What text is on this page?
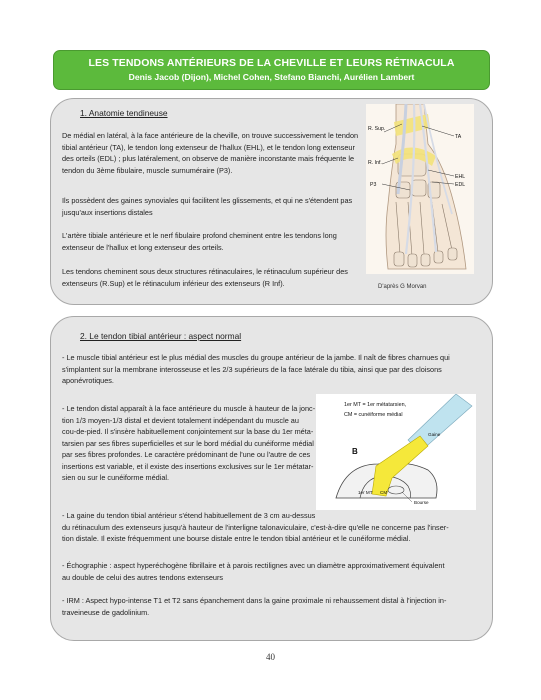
LES TENDONS ANTÉRIEURS DE LA CHEVILLE ET LEURS RÉTINACULA
Denis Jacob (Dijon), Michel Cohen, Stefano Bianchi, Aurélien Lambert
1. Anatomie tendineuse
De médial en latéral, à la face antérieure de la cheville, on trouve successivement le tendon
tibial antérieur (TA), le tendon long extenseur de l'hallux (EHL), et le tendon long extenseur
des orteils (EDL) ; plus latéralement, on observe de manière inconstante mais fréquente le
tendon du 3ème fibulaire, muscle surnuméraire (P3).
Ils possèdent des gaines synoviales qui facilitent les glissements, et qui ne s'étendent pas
jusqu'aux insertions distales
L'artère tibiale antérieure et le nerf fibulaire profond cheminent entre les tendons long
extenseur de l'hallux et long extenseur des orteils.
Les tendons cheminent sous deux structures rétinaculaires, le rétinaculum supérieur des
extenseurs (R.Sup) et le rétinaculum inférieur des extenseurs (R Inf).
R. Sup.
TA
R. Inf.
EHL
EDL
P3
D'après G Morvan
2. Le tendon tibial antérieur : aspect normal
- Le muscle tibial antérieur est le plus médial des muscles du groupe antérieur de la jambe. Il naît de fibres charnues qui
s'implantent sur la membrane interosseuse et les 2/3 supérieurs de la face latérale du tibia, ainsi que par des cloisons
aponévrotiques.
- Le tendon distal apparaît à la face antérieure du muscle à hauteur de la jonc-
tion 1/3 moyen-1/3 distal et devient totalement indépendant du muscle au
cou-de-pied. Il s'insère habituellement conjointement sur la base du 1er méta-
tarsien par ses fibres superficielles et sur le bord médial du cunéiforme médial
par ses fibres profondes. Le caractère prédominant de l'une ou l'autre de ces
insertions est variable, et il existe des insertions exclusives sur le 1er métatar-
sien ou sur le cunéiforme médial.
- La gaine du tendon tibial antérieur s'étend habituellement de 3 cm au-dessus
du rétinaculum des extenseurs jusqu'à hauteur de l'interligne talonaviculaire, c'est-à-dire qu'elle ne concerne pas l'inser-
tion distale. Il existe fréquemment une bourse distale entre le tendon tibial antérieur et le cunéiforme médial.
- Échographie : aspect hyperéchogène fibrillaire et à parois rectilignes avec un diamètre approximativement équivalent
au double de celui des autres tendons extenseurs
- IRM : Aspect hypo-intense T1 et T2 sans épanchement dans la gaine proximale ni rehaussement distal à l'injection in-
traveineuse de gadolinium.
1er MT = 1er métatarsien,
CM = cunéiforme médial
B
Gaine
1er MT CM
Bourse
40
